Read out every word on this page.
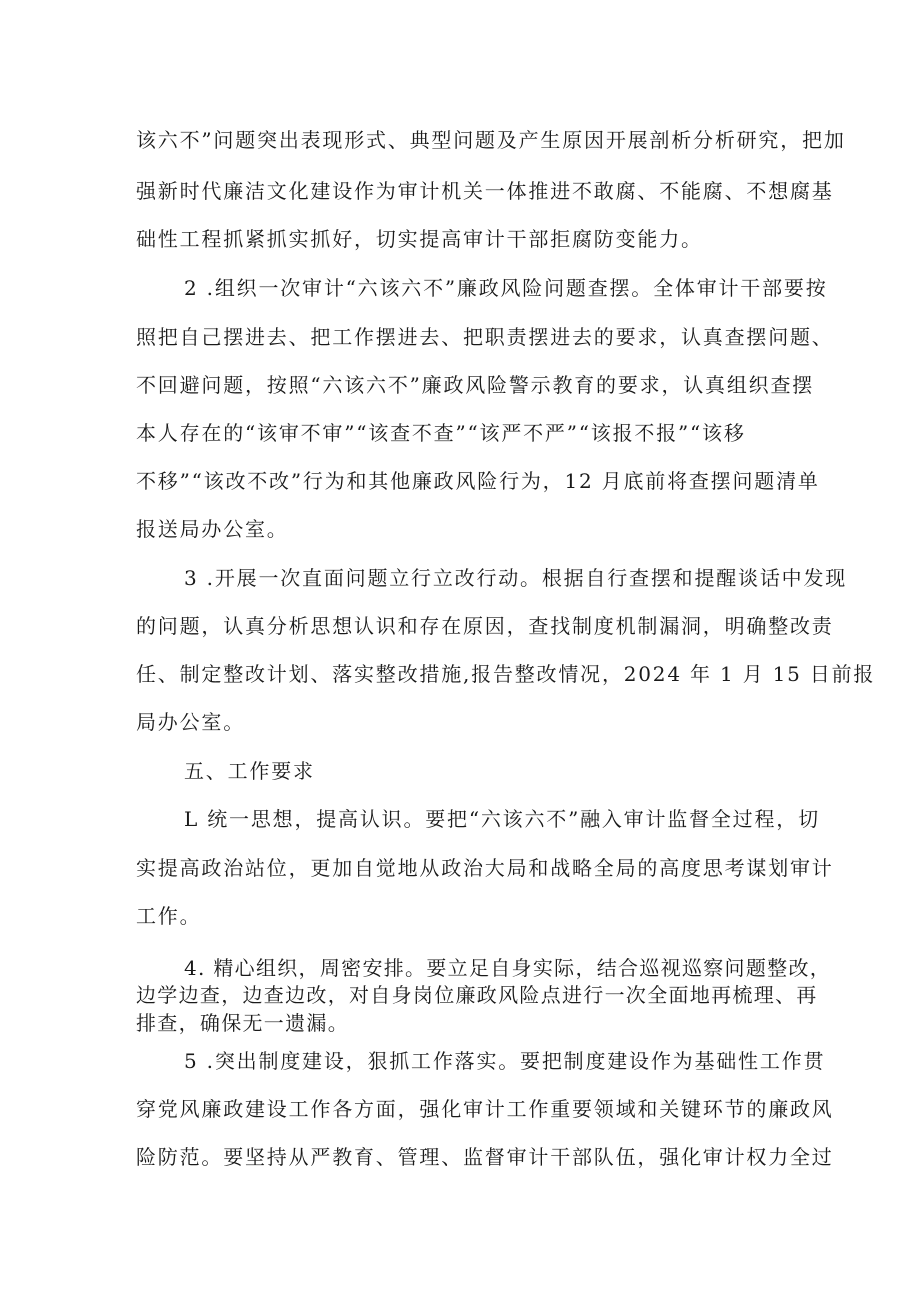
该六不”问题突出表现形式、典型问题及产生原因开展剖析分析研究，把加
强新时代廉洁文化建设作为审计机关一体推进不敢腐、不能腐、不想腐基
础性工程抓紧抓实抓好，切实提高审计干部拒腐防变能力。
2 .组织一次审计“六该六不”廉政风险问题查摆。全体审计干部要按
照把自己摆进去、把工作摆进去、把职责摆进去的要求，认真查摆问题、
不回避问题，按照“六该六不”廉政风险警示教育的要求，认真组织查摆
本人存在的“该审不审”“该查不查”“该严不严”“该报不报”“该移
不移”“该改不改”行为和其他廉政风险行为，12 月底前将查摆问题清单
报送局办公室。
3 .开展一次直面问题立行立改行动。根据自行查摆和提醒谈话中发现
的问题，认真分析思想认识和存在原因，查找制度机制漏洞，明确整改责
任、制定整改计划、落实整改措施,报告整改情况，2024 年 1 月 15 日前报
局办公室。
五、工作要求
L 统一思想，提高认识。要把“六该六不”融入审计监督全过程，切
实提高政治站位，更加自觉地从政治大局和战略全局的高度思考谋划审计
工作。
4. 精心组织，周密安排。要立足自身实际，结合巡视巡察问题整改，
边学边查，边查边改，对自身岗位廉政风险点进行一次全面地再梳理、再
排查，确保无一遗漏。
5 .突出制度建设，狠抓工作落实。要把制度建设作为基础性工作贯
穿党风廉政建设工作各方面，强化审计工作重要领域和关键环节的廉政风
险防范。要坚持从严教育、管理、监督审计干部队伍，强化审计权力全过
